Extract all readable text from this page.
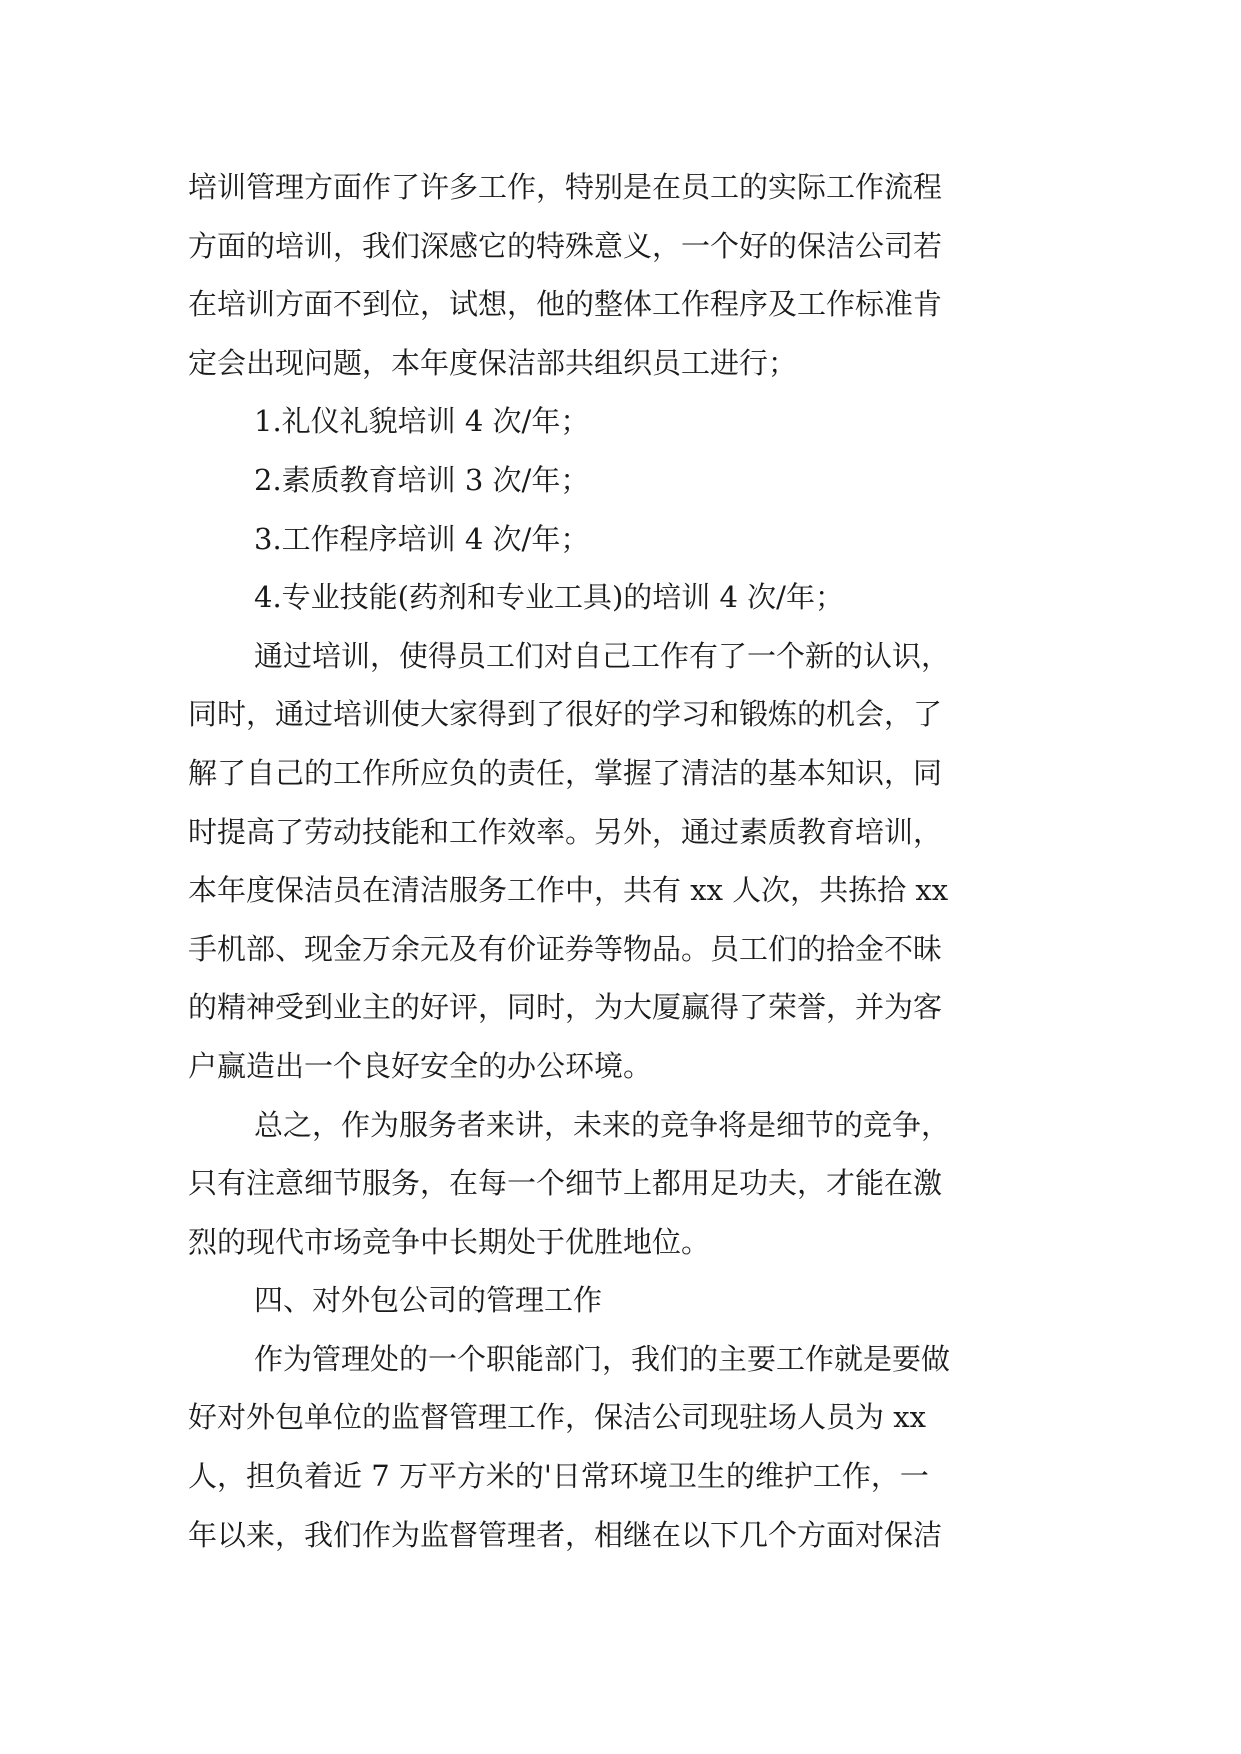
培训管理方面作了许多工作，特别是在员工的实际工作流程
方面的培训，我们深感它的特殊意义，一个好的保洁公司若
在培训方面不到位，试想，他的整体工作程序及工作标准肯
定会出现问题，本年度保洁部共组织员工进行；
1.礼仪礼貌培训 4 次/年；
2.素质教育培训 3 次/年；
3.工作程序培训 4 次/年；
4.专业技能(药剂和专业工具)的培训 4 次/年；
通过培训，使得员工们对自己工作有了一个新的认识，
同时，通过培训使大家得到了很好的学习和锻炼的机会，了
解了自己的工作所应负的责任，掌握了清洁的基本知识，同
时提高了劳动技能和工作效率。另外，通过素质教育培训，
本年度保洁员在清洁服务工作中，共有 xx 人次，共拣拾 xx
手机部、现金万余元及有价证券等物品。员工们的拾金不昧
的精神受到业主的好评，同时，为大厦赢得了荣誉，并为客
户赢造出一个良好安全的办公环境。
总之，作为服务者来讲，未来的竞争将是细节的竞争，
只有注意细节服务，在每一个细节上都用足功夫，才能在激
烈的现代市场竞争中长期处于优胜地位。
四、对外包公司的管理工作
作为管理处的一个职能部门，我们的主要工作就是要做
好对外包单位的监督管理工作，保洁公司现驻场人员为 xx
人，担负着近 7 万平方米的'日常环境卫生的维护工作，一
年以来，我们作为监督管理者，相继在以下几个方面对保洁
